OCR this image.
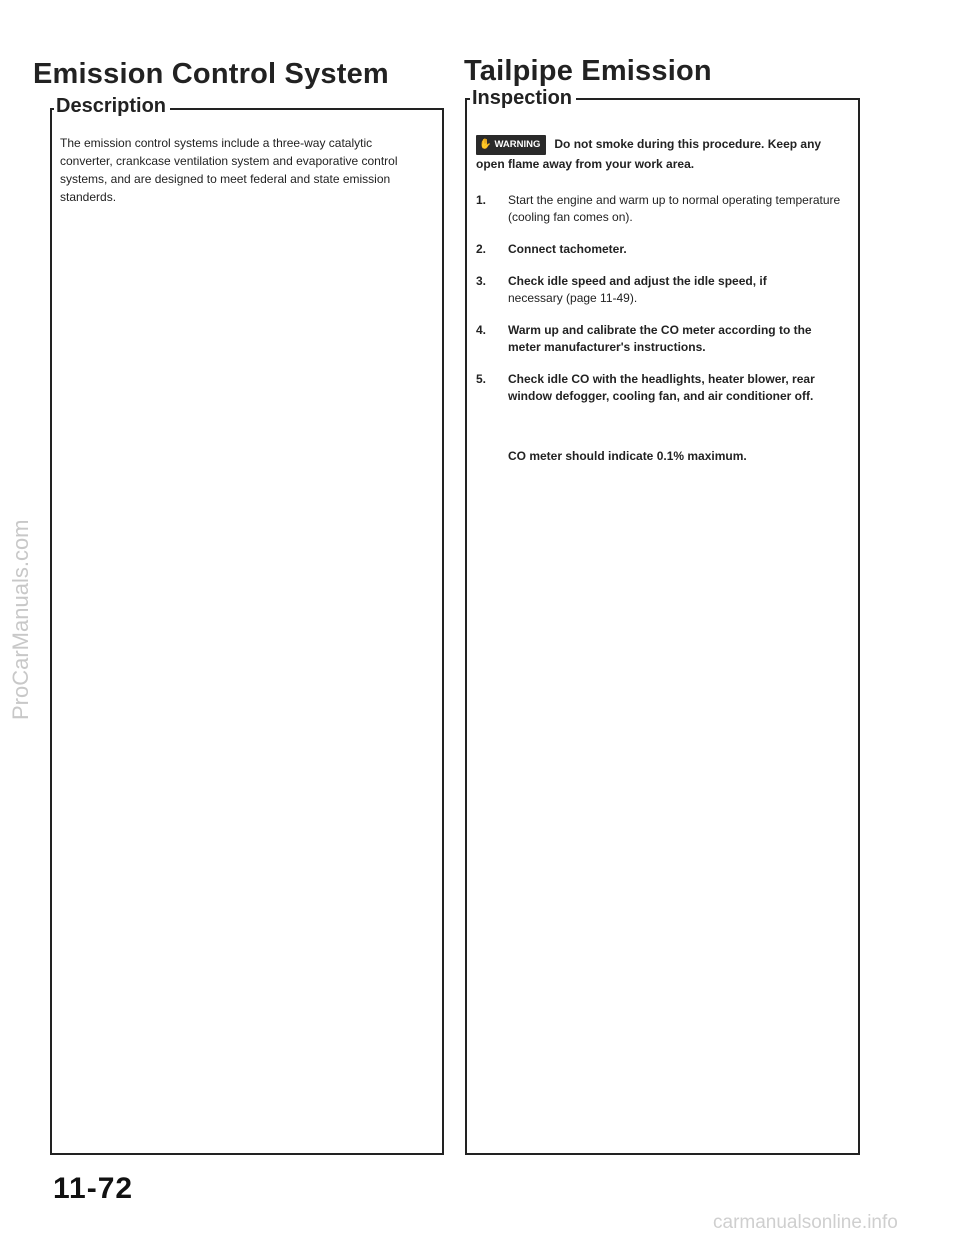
Emission Control System
Description
The emission control systems include a three-way catalytic converter, crankcase ventilation system and evaporative control systems, and are designed to meet federal and state emission standerds.
Tailpipe Emission
Inspection
✋ WARNING Do not smoke during this procedure. Keep any open flame away from your work area.
1. Start the engine and warm up to normal operating temperature (cooling fan comes on).
2. Connect tachometer.
3. Check idle speed and adjust the idle speed, if
necessary (page 11-49).
4. Warm up and calibrate the CO meter according to the meter manufacturer's instructions.
5. Check idle CO with the headlights, heater blower, rear window defogger, cooling fan, and air conditioner off.
CO meter should indicate 0.1% maximum.
11-72
ProCarManuals.com
carmanualsonline.info
